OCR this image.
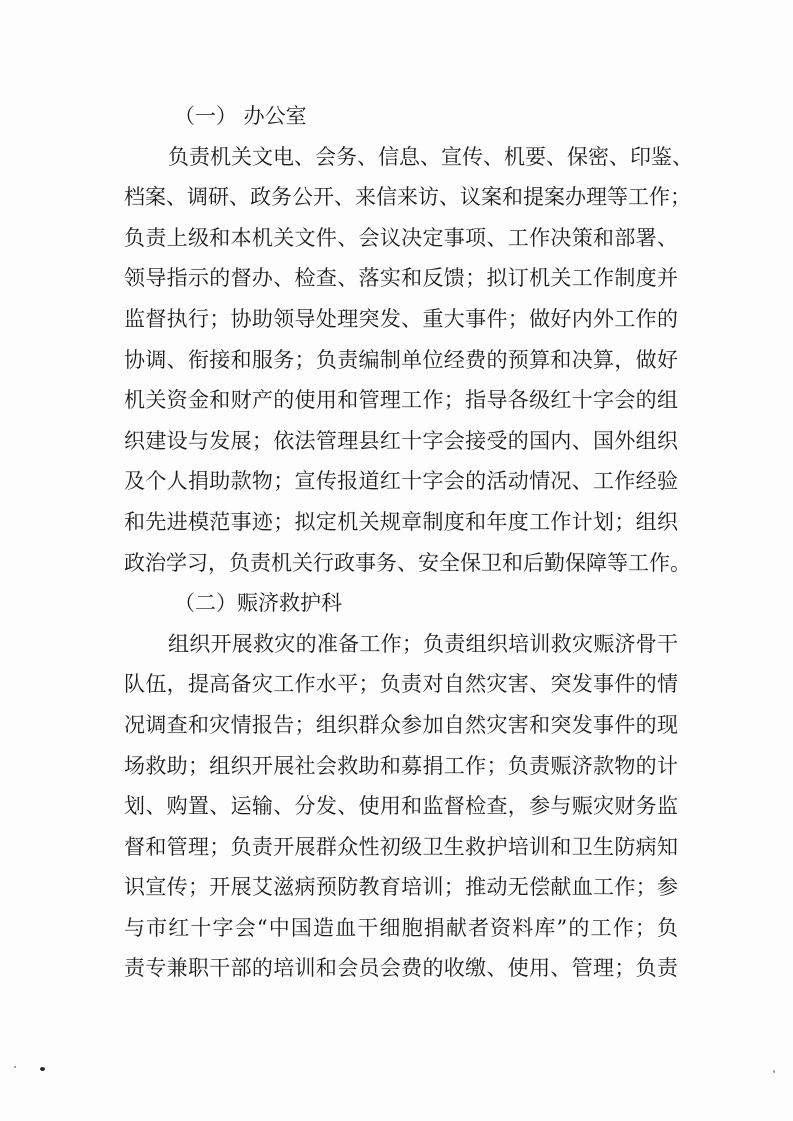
（一） 办公室
负责机关文电、会务、信息、宣传、机要、保密、印鉴、
档案、调研、政务公开、来信来访、议案和提案办理等工作；
负责上级和本机关文件、会议决定事项、工作决策和部署、
领导指示的督办、检查、落实和反馈；拟订机关工作制度并
监督执行；协助领导处理突发、重大事件；做好内外工作的
协调、衔接和服务；负责编制单位经费的预算和决算，做好
机关资金和财产的使用和管理工作；指导各级红十字会的组
织建设与发展；依法管理县红十字会接受的国内、国外组织
及个人捐助款物；宣传报道红十字会的活动情况、工作经验
和先进模范事迹；拟定机关规章制度和年度工作计划；组织
政治学习，负责机关行政事务、安全保卫和后勤保障等工作。
（二）赈济救护科
组织开展救灾的准备工作；负责组织培训救灾赈济骨干
队伍，提高备灾工作水平；负责对自然灾害、突发事件的情
况调查和灾情报告；组织群众参加自然灾害和突发事件的现
场救助；组织开展社会救助和募捐工作；负责赈济款物的计
划、购置、运输、分发、使用和监督检查，参与赈灾财务监
督和管理；负责开展群众性初级卫生救护培训和卫生防病知
识宣传；开展艾滋病预防教育培训；推动无偿献血工作；参
与市红十字会“中国造血干细胞捐献者资料库”的工作；负
责专兼职干部的培训和会员会费的收缴、使用、管理；负责
